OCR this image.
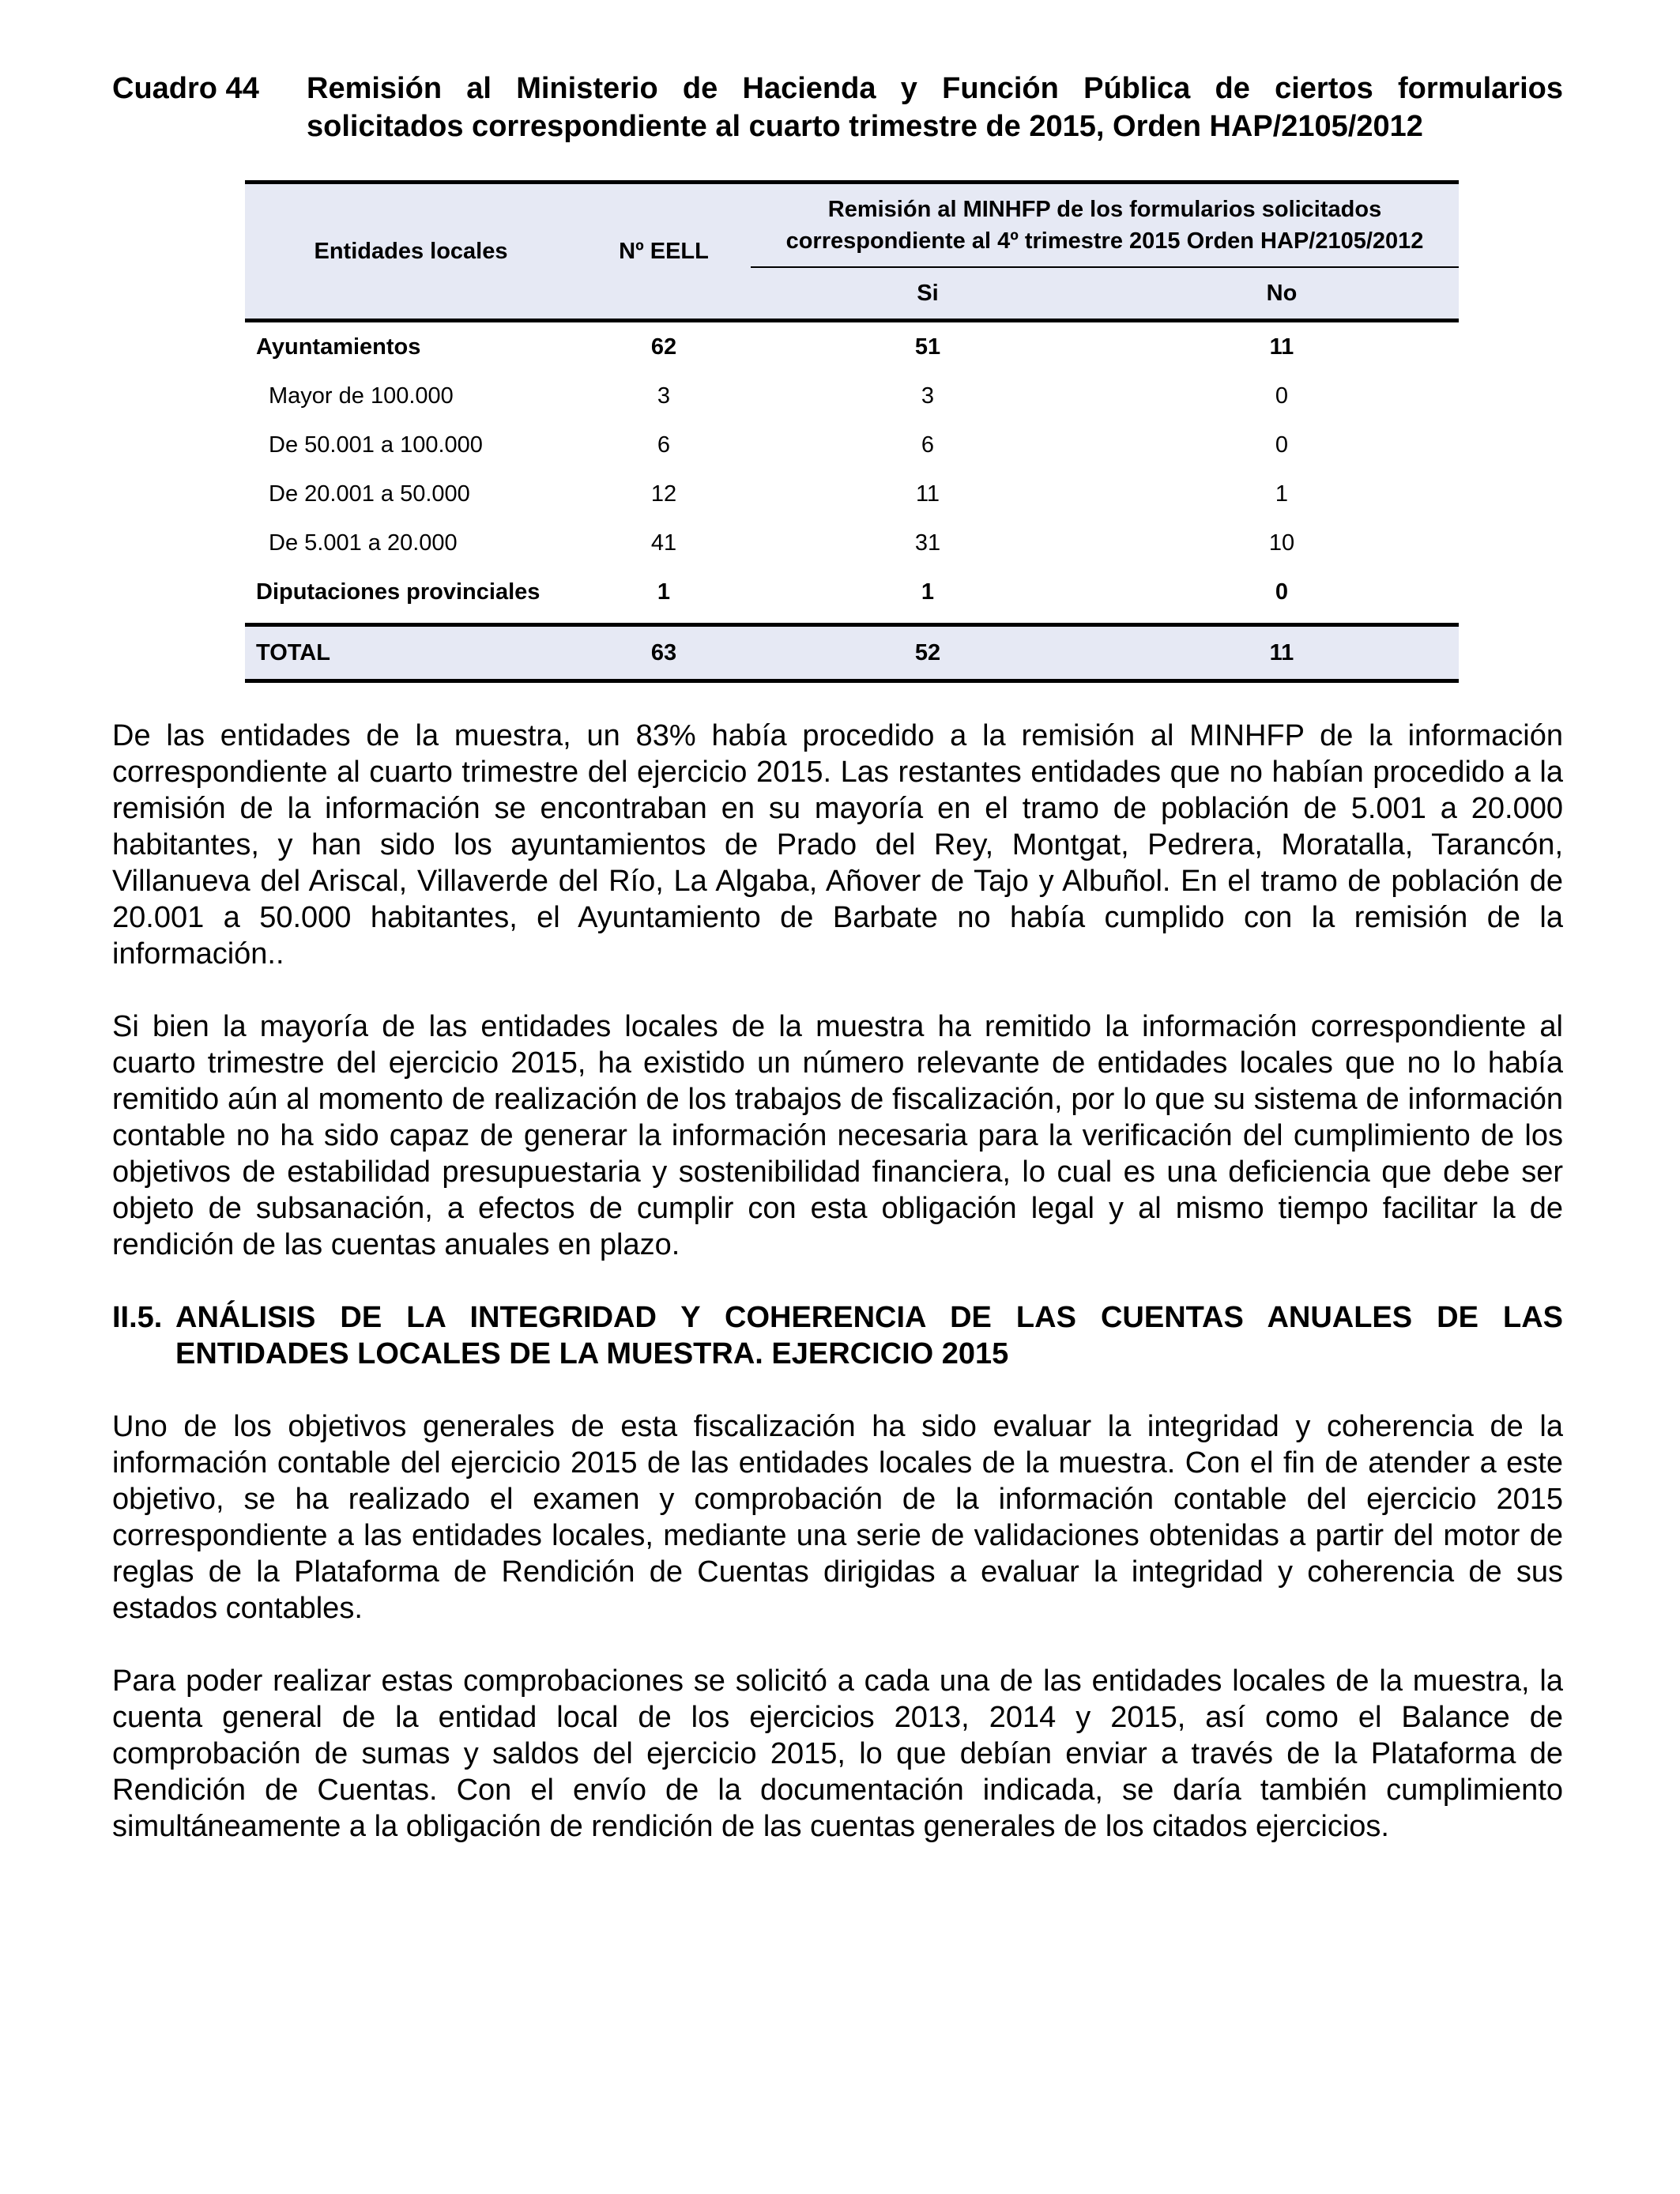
Cuadro 44	Remisión al Ministerio de Hacienda y Función Pública de ciertos formularios solicitados correspondiente al cuarto trimestre de 2015, Orden HAP/2105/2012
Entidades locales	Nº EELL	Remisión al MINHFP de los formularios solicitados correspondiente al 4º trimestre 2015 Orden HAP/2105/2012	

		Si	No
Ayuntamientos	62	51	11
Mayor de 100.000	3	3	0
De 50.001 a 100.000	6	6	0
De 20.001 a 50.000	12	11	1
De 5.001 a 20.000	41	31	10
Diputaciones provinciales	1	1	0

TOTAL	63	52	11

De las entidades de la muestra, un 83% había procedido a la remisión al MINHFP de la información correspondiente al cuarto trimestre del ejercicio 2015. Las restantes entidades que no habían procedido a la remisión de la información se encontraban en su mayoría en el tramo de población de 5.001 a 20.000 habitantes, y han sido los ayuntamientos de Prado del Rey, Montgat, Pedrera, Moratalla, Tarancón, Villanueva del Ariscal, Villaverde del Río, La Algaba, Añover de Tajo y Albuñol. En el tramo de población de 20.001 a 50.000 habitantes, el Ayuntamiento de Barbate no había cumplido con la remisión de la información..

Si bien la mayoría de las entidades locales de la muestra ha remitido la información correspondiente al cuarto trimestre del ejercicio 2015, ha existido un número relevante de entidades locales que no lo había remitido aún al momento de realización de los trabajos de fiscalización, por lo que su sistema de información contable no ha sido capaz de generar la información necesaria para la verificación del cumplimiento de los objetivos de estabilidad presupuestaria y sostenibilidad financiera, lo cual es una deficiencia que debe ser objeto de subsanación, a efectos de cumplir con esta obligación legal y al mismo tiempo facilitar la de rendición de las cuentas anuales en plazo.

II.5. ANÁLISIS DE LA INTEGRIDAD Y COHERENCIA DE LAS CUENTAS ANUALES DE LAS ENTIDADES LOCALES DE LA MUESTRA. EJERCICIO 2015

Uno de los objetivos generales de esta fiscalización ha sido evaluar la integridad y coherencia de la información contable del ejercicio 2015 de las entidades locales de la muestra. Con el fin de atender a este objetivo, se ha realizado el examen y comprobación de la información contable del ejercicio 2015 correspondiente a las entidades locales, mediante una serie de validaciones obtenidas a partir del motor de reglas de la Plataforma de Rendición de Cuentas dirigidas a evaluar la integridad y coherencia de sus estados contables.

Para poder realizar estas comprobaciones se solicitó a cada una de las entidades locales de la muestra, la cuenta general de la entidad local de los ejercicios 2013, 2014 y 2015, así como el Balance de comprobación de sumas y saldos del ejercicio 2015, lo que debían enviar a través de la Plataforma de Rendición de Cuentas. Con el envío de la documentación indicada, se daría también cumplimiento simultáneamente a la obligación de rendición de las cuentas generales de los citados ejercicios.
